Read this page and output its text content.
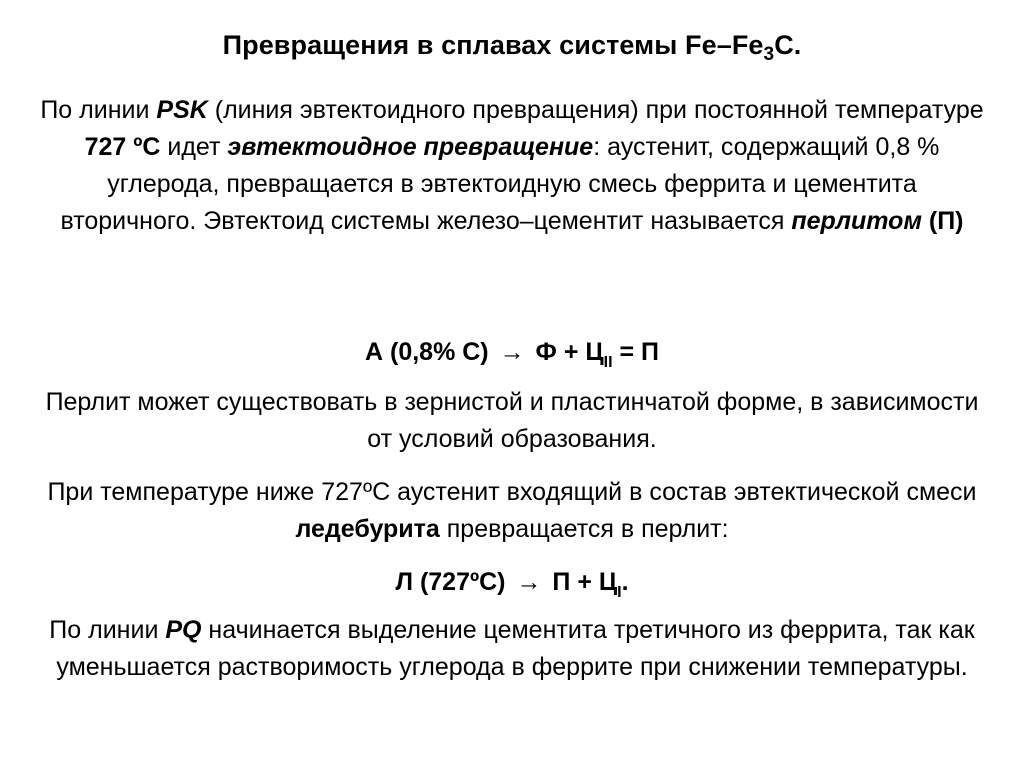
Превращения в сплавах системы $Fe-Fe_3C$.
По линии PSK (линия эвтектоидного превращения) при постоянной температуре 727 ºС идет эвтектоидное превращение: аустенит, содержащий 0,8 % углерода, превращается в эвтектоидную смесь феррита и цементита вторичного. Эвтектоид системы железо–цементит называется перлитом (П)
А (0,8% $С) \to Ф + Ц_{II} = П$
Перлит может существовать в зернистой и пластинчатой форме, в зависимости от условий образования.
При температуре ниже 727ºС аустенит входящий в состав эвтектической смеси ледебурита превращается в перлит:
Л (727ºС) → $П + Ц_I$.
По линии PQ начинается выделение цементита третичного из феррита, так как уменьшается растворимость углерода в феррите при снижении температуры.
